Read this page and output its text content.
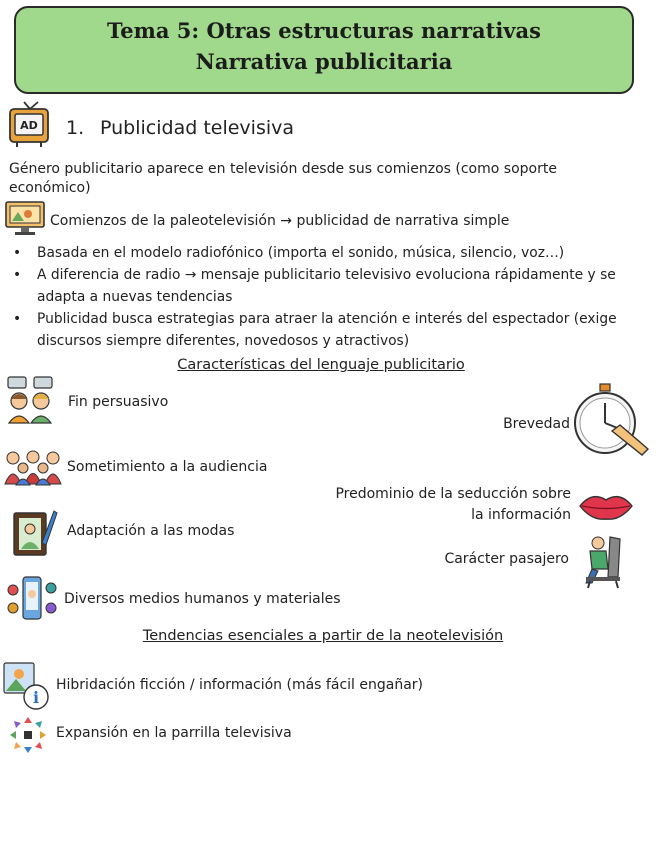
Tema 5: Otras estructuras narrativas
Narrativa publicitaria
AD 1. Publicidad televisiva
Género publicitario aparece en televisión desde sus comienzos (como soporte económico)
Comienzos de la paleotelevisión → publicidad de narrativa simple
• Basada en el modelo radiofónico (importa el sonido, música, silencio, voz…)
• A diferencia de radio → mensaje publicitario televisivo evoluciona rápidamente y se adapta a nuevas tendencias
• Publicidad busca estrategias para atraer la atención e interés del espectador (exige discursos siempre diferentes, novedosos y atractivos)
Características del lenguaje publicitario
Fin persuasivo
Brevedad
Sometimiento a la audiencia
Predominio de la seducción sobre
la información
Adaptación a las modas
Carácter pasajero
Diversos medios humanos y materiales
Tendencias esenciales a partir de la neotelevisión
i
Hibridación ficción / información (más fácil engañar)
Expansión en la parrilla televisiva
